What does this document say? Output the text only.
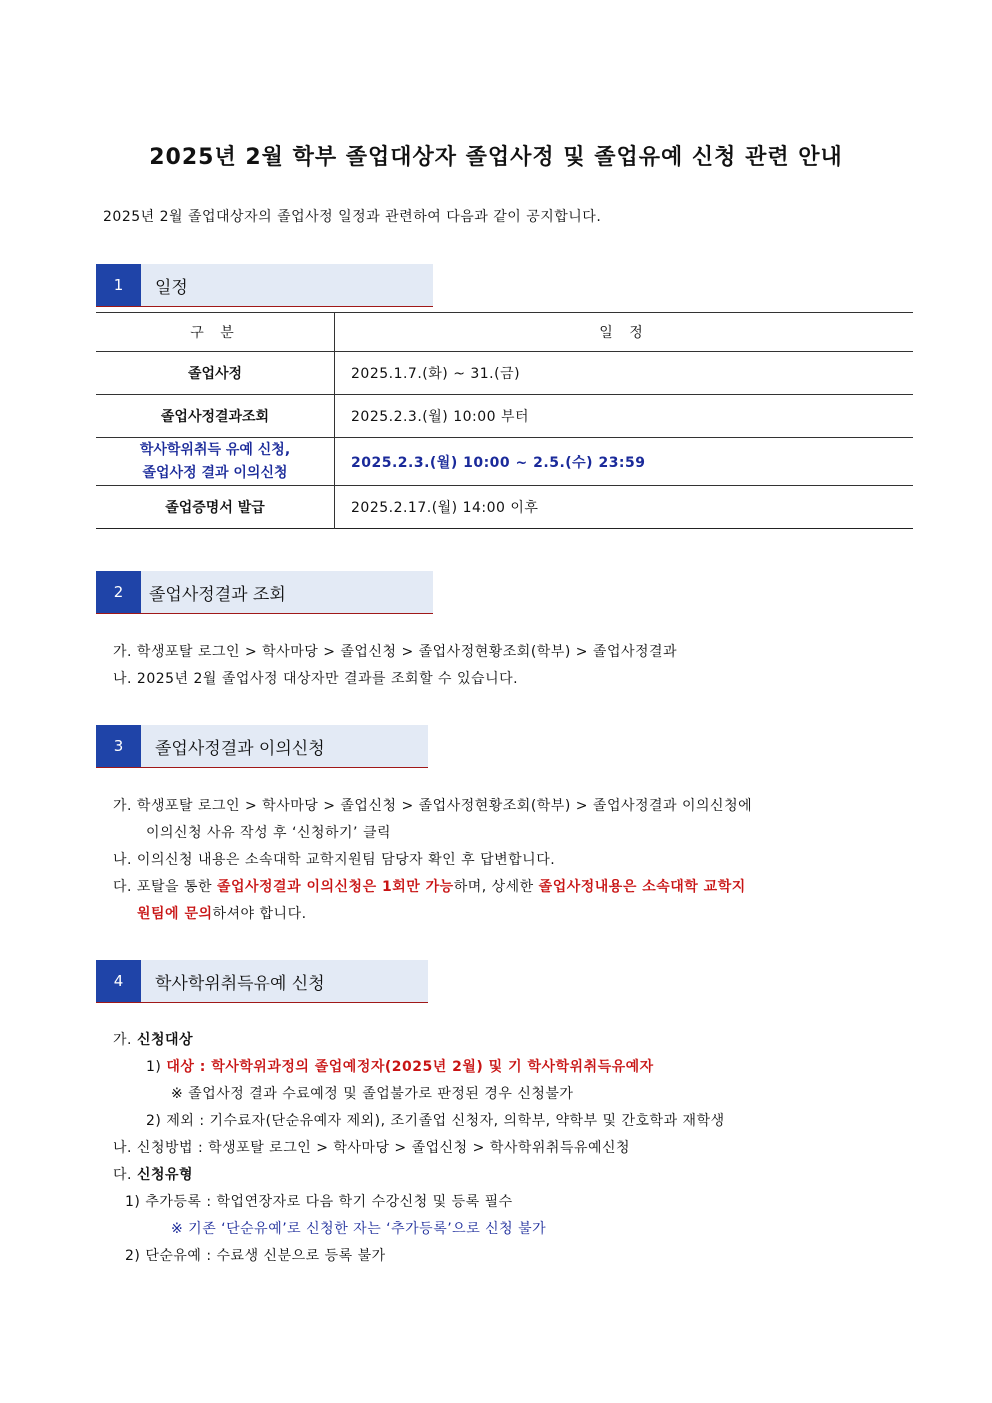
2025년 2월 학부 졸업대상자 졸업사정 및 졸업유예 신청 관련 안내
2025년 2월 졸업대상자의 졸업사정 일정과 관련하여 다음과 같이 공지합니다.
1	일정
구 분	일 정
졸업사정	2025.1.7.(화) ~ 31.(금)
졸업사정결과조회	2025.2.3.(월) 10:00 부터

학사학위취득 유예 신청,
졸업사정 결과 이의신청	2025.2.3.(월) 10:00 ~ 2.5.(수) 23:59
졸업증명서 발급	2025.2.17.(월) 14:00 이후
2	졸업사정결과 조회
가. 학생포탈 로그인 > 학사마당 > 졸업신청 > 졸업사정현황조회(학부) > 졸업사정결과
나. 2025년 2월 졸업사정 대상자만 결과를 조회할 수 있습니다.
3	졸업사정결과 이의신청
가. 학생포탈 로그인 > 학사마당 > 졸업신청 > 졸업사정현황조회(학부) > 졸업사정결과 이의신청에
이의신청 사유 작성 후 ‘신청하기’ 클릭
나. 이의신청 내용은 소속대학 교학지원팀 담당자 확인 후 답변합니다.
다. 포탈을 통한 졸업사정결과 이의신청은 1회만 가능하며, 상세한 졸업사정내용은 소속대학 교학지
원팀에 문의하셔야 합니다.
4	학사학위취득유예 신청
가. 신청대상
1) 대상 : 학사학위과정의 졸업예정자(2025년 2월) 및 기 학사학위취득유예자
※ 졸업사정 결과 수료예정 및 졸업불가로 판정된 경우 신청불가
2) 제외 : 기수료자(단순유예자 제외), 조기졸업 신청자, 의학부, 약학부 및 간호학과 재학생
나. 신청방법 : 학생포탈 로그인 > 학사마당 > 졸업신청 > 학사학위취득유예신청
다. 신청유형
1) 추가등록 : 학업연장자로 다음 학기 수강신청 및 등록 필수
※ 기존 ‘단순유예’로 신청한 자는 ‘추가등록’으로 신청 불가
2) 단순유예 : 수료생 신분으로 등록 불가
